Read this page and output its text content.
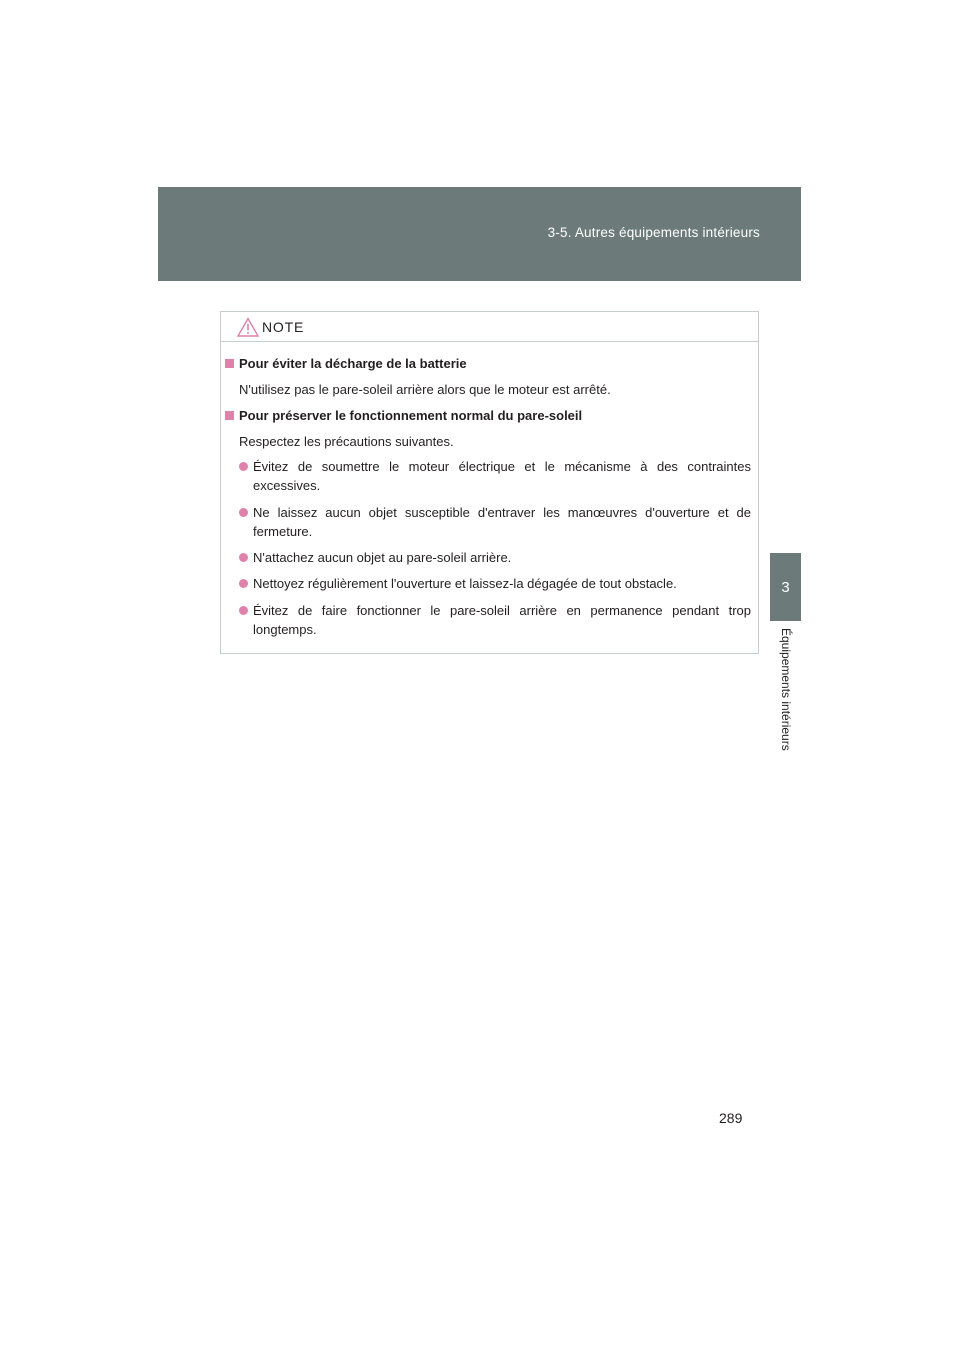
3-5. Autres équipements intérieurs
3
Équipements intérieurs
NOTE
Pour éviter la décharge de la batterie
N'utilisez pas le pare-soleil arrière alors que le moteur est arrêté.
Pour préserver le fonctionnement normal du pare-soleil
Respectez les précautions suivantes.
Évitez de soumettre le moteur électrique et le mécanisme à des contraintes excessives.
Ne laissez aucun objet susceptible d'entraver les manœuvres d'ouverture et de fermeture.
N'attachez aucun objet au pare-soleil arrière.
Nettoyez régulièrement l'ouverture et laissez-la dégagée de tout obstacle.
Évitez de faire fonctionner le pare-soleil arrière en permanence pendant trop longtemps.
289
